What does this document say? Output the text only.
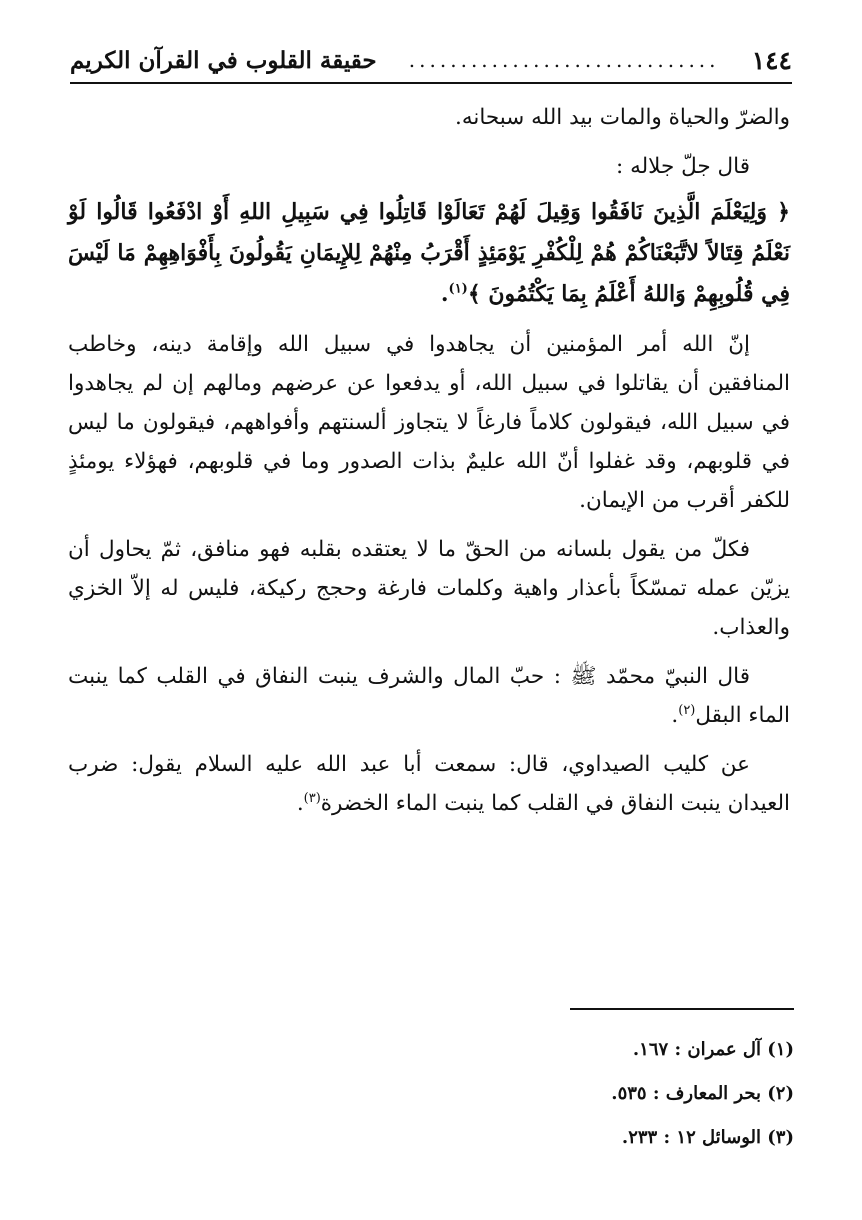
١٤٤
..............................
حقيقة القلوب في القرآن الكريم

والضرّ والحياة والمات بيد الله سبحانه.

قال جلّ جلاله :

﴿ وَلِيَعْلَمَ الَّذِينَ نَافَقُوا وَقِيلَ لَهُمْ تَعَالَوْا قَاتِلُوا فِي سَبِيلِ اللهِ أَوْ ادْفَعُوا قَالُوا لَوْ نَعْلَمُ قِتَالاً لاتَّبَعْنَاكُمْ هُمْ لِلْكُفْرِ يَوْمَئِذٍ أَقْرَبُ مِنْهُمْ لِلإِيمَانِ يَقُولُونَ بِأَفْوَاهِهِمْ مَا لَيْسَ فِي قُلُوبِهِمْ وَاللهُ أَعْلَمُ بِمَا يَكْتُمُونَ ﴾$^{(١)}$.

إنّ الله أمر المؤمنين أن يجاهدوا في سبيل الله وإقامة دينه، وخاطب المنافقين أن يقاتلوا في سبيل الله، أو يدفعوا عن عرضهم ومالهم إن لم يجاهدوا في سبيل الله، فيقولون كلاماً فارغاً لا يتجاوز ألسنتهم وأفواههم، فيقولون ما ليس في قلوبهم، وقد غفلوا أنّ الله عليمٌ بذات الصدور وما في قلوبهم، فهؤلاء يومئذٍ للكفر أقرب من الإيمان.

فكلّ من يقول بلسانه من الحقّ ما لا يعتقده بقلبه فهو منافق، ثمّ يحاول أن يزيّن عمله تمسّكاً بأعذار واهية وكلمات فارغة وحجج ركيكة، فليس له إلاّ الخزي والعذاب.

قال النبيّ محمّد ﷺ : حبّ المال والشرف ينبت النفاق في القلب كما ينبت الماء البقل$^{(٢)}$.

عن كليب الصيداوي، قال: سمعت أبا عبد الله عليه السلام يقول: ضرب العيدان ينبت النفاق في القلب كما ينبت الماء الخضرة$^{(٣)}$.

(١) آل عمران : ١٦٧.
(٢) بحر المعارف : ٥٣٥.
(٣) الوسائل ١٢ : ٢٣٣.
